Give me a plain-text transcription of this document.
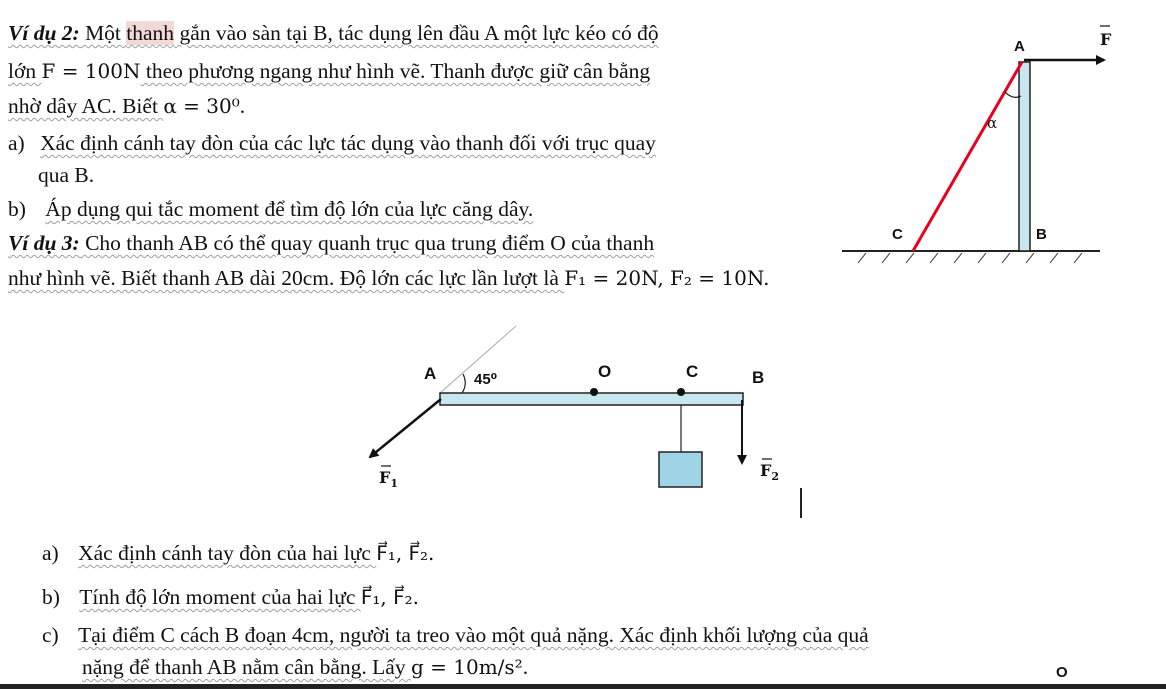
Ví dụ 2: Một thanh gắn vào sàn tại B, tác dụng lên đầu A một lực kéo có độ
lớn F = 100N theo phương ngang như hình vẽ. Thanh được giữ cân bằng
nhờ dây AC. Biết α = 30⁰.
a) Xác định cánh tay đòn của các lực tác dụng vào thanh đối với trục quay
qua B.
b) Áp dụng qui tắc moment để tìm độ lớn của lực căng dây.
Ví dụ 3: Cho thanh AB có thể quay quanh trục qua trung điểm O của thanh
như hình vẽ. Biết thanh AB dài 20cm. Độ lớn các lực lần lượt là F₁ = 20N, F₂ = 10N.
a) Xác định cánh tay đòn của hai lực F⃗₁, F⃗₂.
b) Tính độ lớn moment của hai lực F⃗₁, F⃗₂.
c) Tại điểm C cách B đoạn 4cm, người ta treo vào một quả nặng. Xác định khối lượng của quả
nặng để thanh AB nằm cân bằng. Lấy g = 10m/s².
A	F
α
C	B
A	45⁰	O	C	B
$F_1$
$F_2$
O
